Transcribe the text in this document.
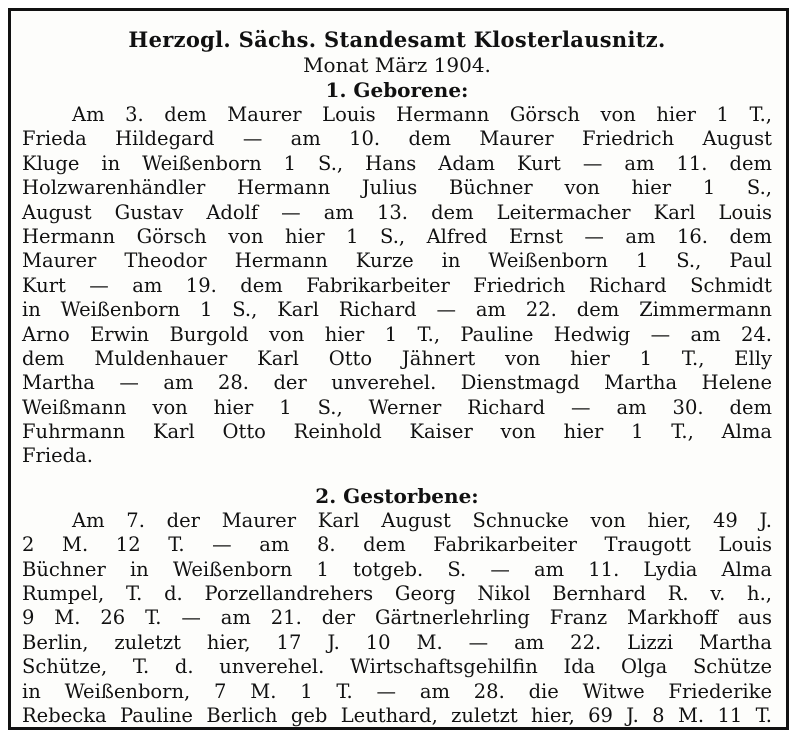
Herzogl. Sächs. Standesamt Klosterlausnitz.
Monat März 1904.
1. Geborene:
Am 3. dem Maurer Louis Hermann Görsch von hier 1 T.,
Frieda Hildegard — am 10. dem Maurer Friedrich August
Kluge in Weißenborn 1 S., Hans Adam Kurt — am 11. dem
Holzwarenhändler Hermann Julius Büchner von hier 1 S.,
August Gustav Adolf — am 13. dem Leitermacher Karl Louis
Hermann Görsch von hier 1 S., Alfred Ernst — am 16. dem
Maurer Theodor Hermann Kurze in Weißenborn 1 S., Paul
Kurt — am 19. dem Fabrikarbeiter Friedrich Richard Schmidt
in Weißenborn 1 S., Karl Richard — am 22. dem Zimmermann
Arno Erwin Burgold von hier 1 T., Pauline Hedwig — am 24.
dem Muldenhauer Karl Otto Jähnert von hier 1 T., Elly
Martha — am 28. der unverehel. Dienstmagd Martha Helene
Weißmann von hier 1 S., Werner Richard — am 30. dem
Fuhrmann Karl Otto Reinhold Kaiser von hier 1 T., Alma
Frieda.
2. Gestorbene:
Am 7. der Maurer Karl August Schnucke von hier, 49 J.
2 M. 12 T. — am 8. dem Fabrikarbeiter Traugott Louis
Büchner in Weißenborn 1 totgeb. S. — am 11. Lydia Alma
Rumpel, T. d. Porzellandrehers Georg Nikol Bernhard R. v. h.,
9 M. 26 T. — am 21. der Gärtnerlehrling Franz Markhoff aus
Berlin, zuletzt hier, 17 J. 10 M. — am 22. Lizzi Martha
Schütze, T. d. unverehel. Wirtschaftsgehilfin Ida Olga Schütze
in Weißenborn, 7 M. 1 T. — am 28. die Witwe Friederike
Rebecka Pauline Berlich geb Leuthard, zuletzt hier, 69 J. 8 M. 11 T.
